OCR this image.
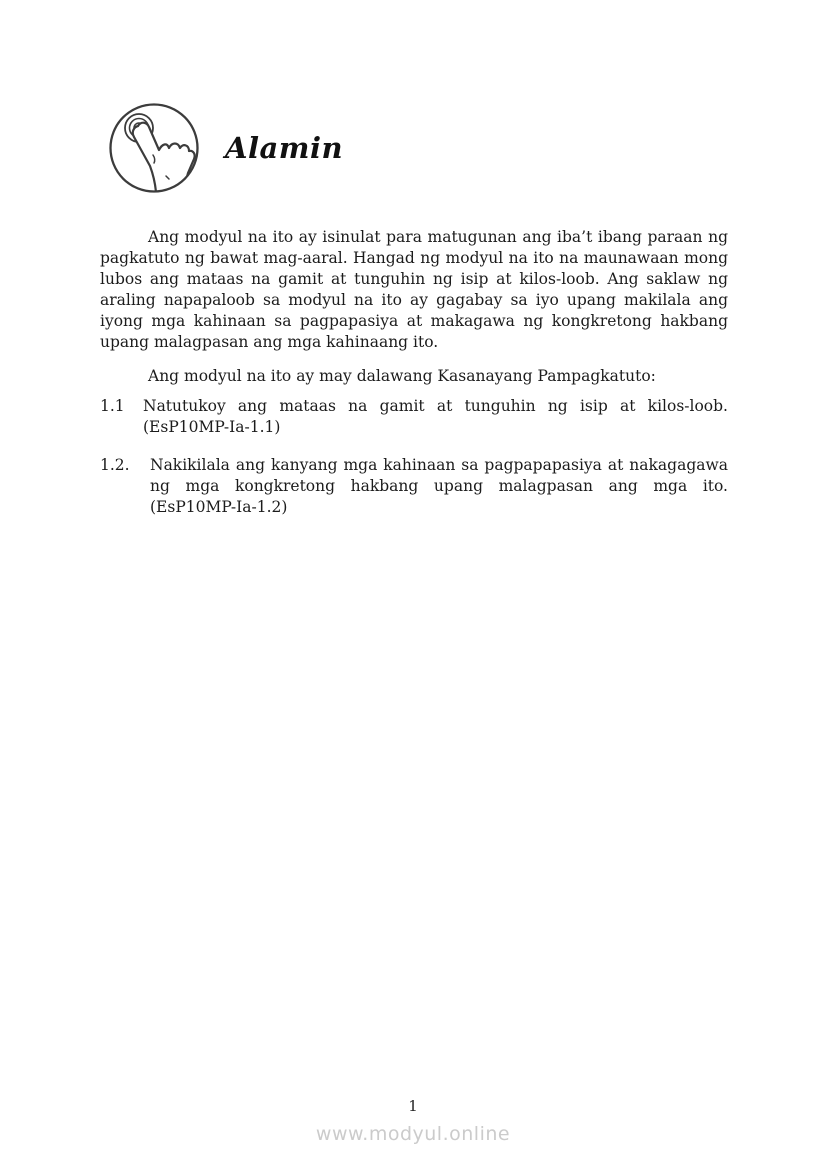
Alamin
Ang modyul na ito ay isinulat para matugunan ang iba’t ibang paraan ng pagkatuto ng bawat mag-aaral. Hangad ng modyul na ito na maunawaan mong lubos ang mataas na gamit at tunguhin ng isip at kilos-loob. Ang saklaw ng araling napapaloob sa modyul na ito ay gagabay sa iyo upang makilala ang iyong mga kahinaan sa pagpapasiya at makagawa ng kongkretong hakbang upang malagpasan ang mga kahinaang ito.
Ang modyul na ito ay may dalawang Kasanayang Pampagkatuto:
1.1	Natutukoy ang mataas na gamit at tunguhin ng isip at kilos-loob.
(EsP10MP-Ia-1.1)
1.2.	Nakikilala ang kanyang mga kahinaan sa pagpapapasiya at nakagagawa ng mga kongkretong hakbang upang malagpasan ang mga ito. (EsP10MP-Ia-1.2)
1
www.modyul.online
